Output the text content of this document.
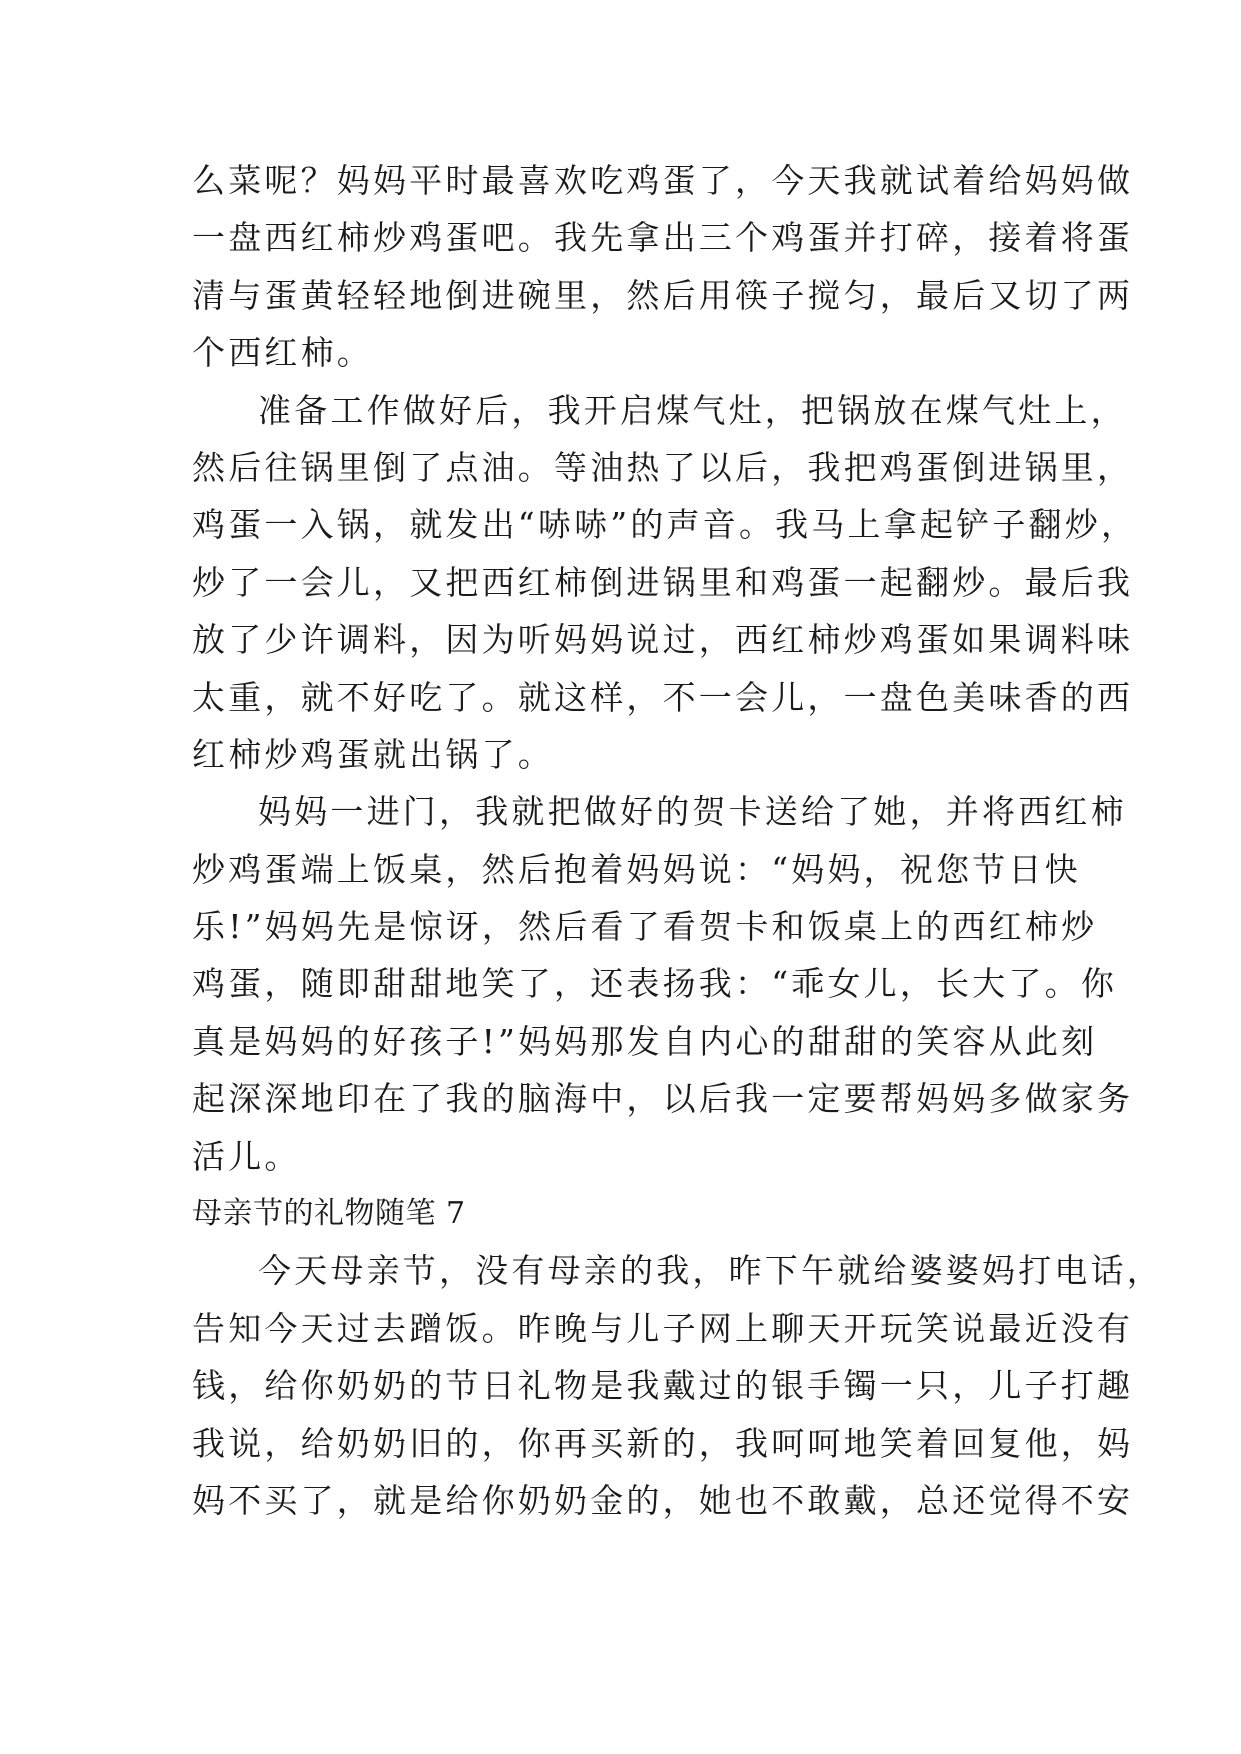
么菜呢？妈妈平时最喜欢吃鸡蛋了，今天我就试着给妈妈做
一盘西红柿炒鸡蛋吧。我先拿出三个鸡蛋并打碎，接着将蛋
清与蛋黄轻轻地倒进碗里，然后用筷子搅匀，最后又切了两
个西红柿。
准备工作做好后，我开启煤气灶，把锅放在煤气灶上，
然后往锅里倒了点油。等油热了以后，我把鸡蛋倒进锅里，
鸡蛋一入锅，就发出“哧哧”的声音。我马上拿起铲子翻炒，
炒了一会儿，又把西红柿倒进锅里和鸡蛋一起翻炒。最后我
放了少许调料，因为听妈妈说过，西红柿炒鸡蛋如果调料味
太重，就不好吃了。就这样，不一会儿，一盘色美味香的西
红柿炒鸡蛋就出锅了。
妈妈一进门，我就把做好的贺卡送给了她，并将西红柿
炒鸡蛋端上饭桌，然后抱着妈妈说：“妈妈，祝您节日快
乐!”妈妈先是惊讶，然后看了看贺卡和饭桌上的西红柿炒
鸡蛋，随即甜甜地笑了，还表扬我：“乖女儿，长大了。你
真是妈妈的好孩子!”妈妈那发自内心的甜甜的笑容从此刻
起深深地印在了我的脑海中，以后我一定要帮妈妈多做家务
活儿。
母亲节的礼物随笔 7
今天母亲节，没有母亲的我，昨下午就给婆婆妈打电话，
告知今天过去蹭饭。昨晚与儿子网上聊天开玩笑说最近没有
钱，给你奶奶的节日礼物是我戴过的银手镯一只，儿子打趣
我说，给奶奶旧的，你再买新的，我呵呵地笑着回复他，妈
妈不买了，就是给你奶奶金的，她也不敢戴，总还觉得不安
